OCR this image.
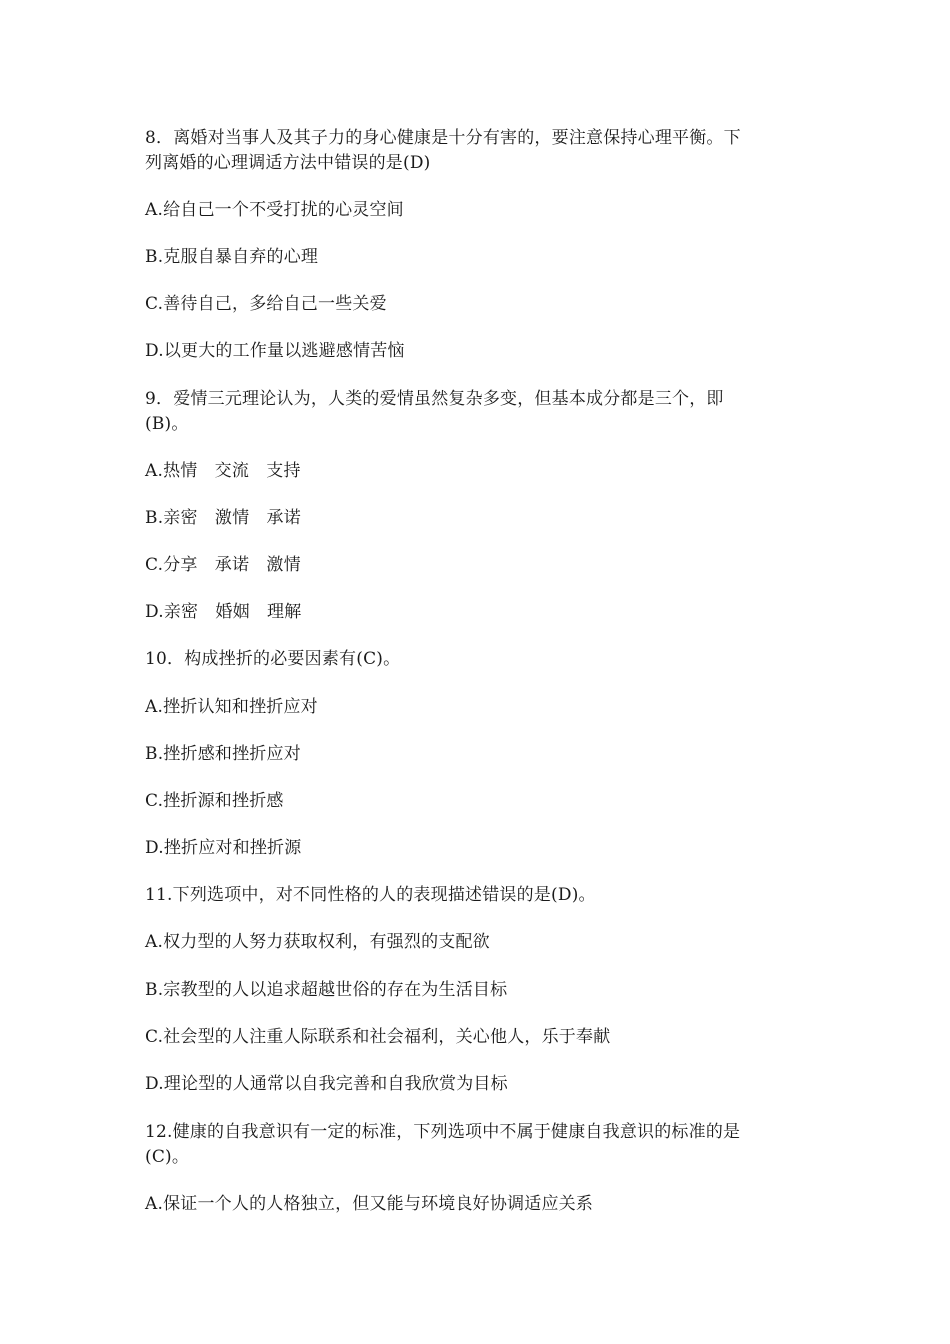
8．离婚对当事人及其子力的身心健康是十分有害的，要注意保持心理平衡。下
列离婚的心理调适方法中错误的是(D)
A.给自己一个不受打扰的心灵空间
B.克服自暴自弃的心理
C.善待自己，多给自己一些关爱
D.以更大的工作量以逃避感情苦恼
9．爱情三元理论认为，人类的爱情虽然复杂多变，但基本成分都是三个，即
(B)。
A.热情　交流　支持
B.亲密　激情　承诺
C.分享　承诺　激情
D.亲密　婚姻　理解
10．构成挫折的必要因素有(C)。
A.挫折认知和挫折应对
B.挫折感和挫折应对
C.挫折源和挫折感
D.挫折应对和挫折源
11.下列选项中，对不同性格的人的表现描述错误的是(D)。
A.权力型的人努力获取权利，有强烈的支配欲
B.宗教型的人以追求超越世俗的存在为生活目标
C.社会型的人注重人际联系和社会福利，关心他人，乐于奉献
D.理论型的人通常以自我完善和自我欣赏为目标
12.健康的自我意识有一定的标准，下列选项中不属于健康自我意识的标准的是
(C)。
A.保证一个人的人格独立，但又能与环境良好协调适应关系
